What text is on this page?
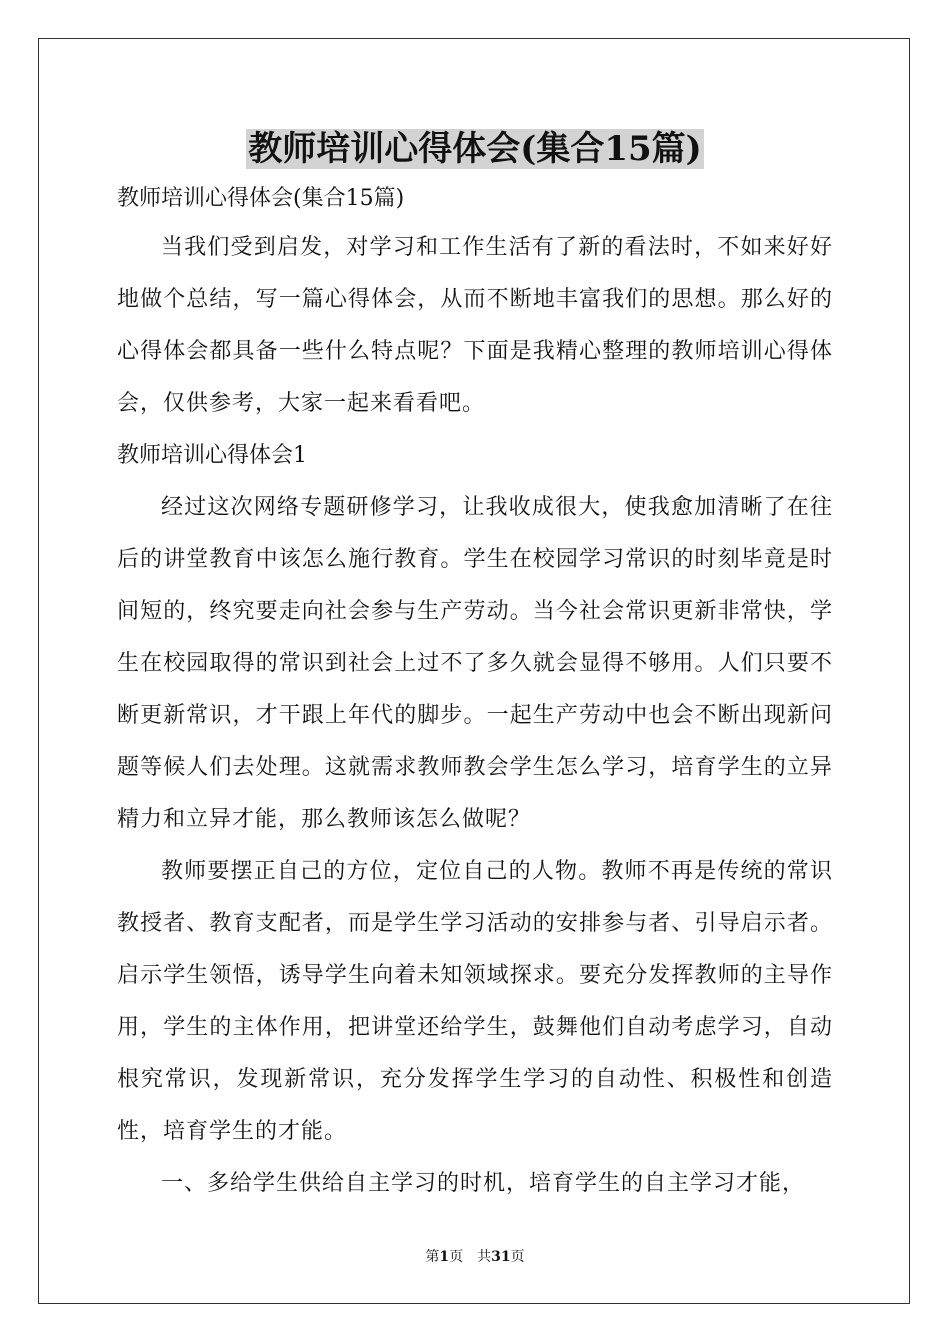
教师培训心得体会(集合15篇)

教师培训心得体会(集合15篇)

当我们受到启发，对学习和工作生活有了新的看法时，不如来好好地做个总结，写一篇心得体会，从而不断地丰富我们的思想。那么好的心得体会都具备一些什么特点呢？下面是我精心整理的教师培训心得体会，仅供参考，大家一起来看看吧。

教师培训心得体会1

经过这次网络专题研修学习，让我收成很大，使我愈加清晰了在往后的讲堂教育中该怎么施行教育。学生在校园学习常识的时刻毕竟是时间短的，终究要走向社会参与生产劳动。当今社会常识更新非常快，学生在校园取得的常识到社会上过不了多久就会显得不够用。人们只要不断更新常识，才干跟上年代的脚步。一起生产劳动中也会不断出现新问题等候人们去处理。这就需求教师教会学生怎么学习，培育学生的立异精力和立异才能，那么教师该怎么做呢？

教师要摆正自己的方位，定位自己的人物。教师不再是传统的常识教授者、教育支配者，而是学生学习活动的安排参与者、引导启示者。启示学生领悟，诱导学生向着未知领域探求。要充分发挥教师的主导作用，学生的主体作用，把讲堂还给学生，鼓舞他们自动考虑学习，自动根究常识，发现新常识，充分发挥学生学习的自动性、积极性和创造性，培育学生的才能。

一、多给学生供给自主学习的时机，培育学生的自主学习才能，

第1页　共31页
